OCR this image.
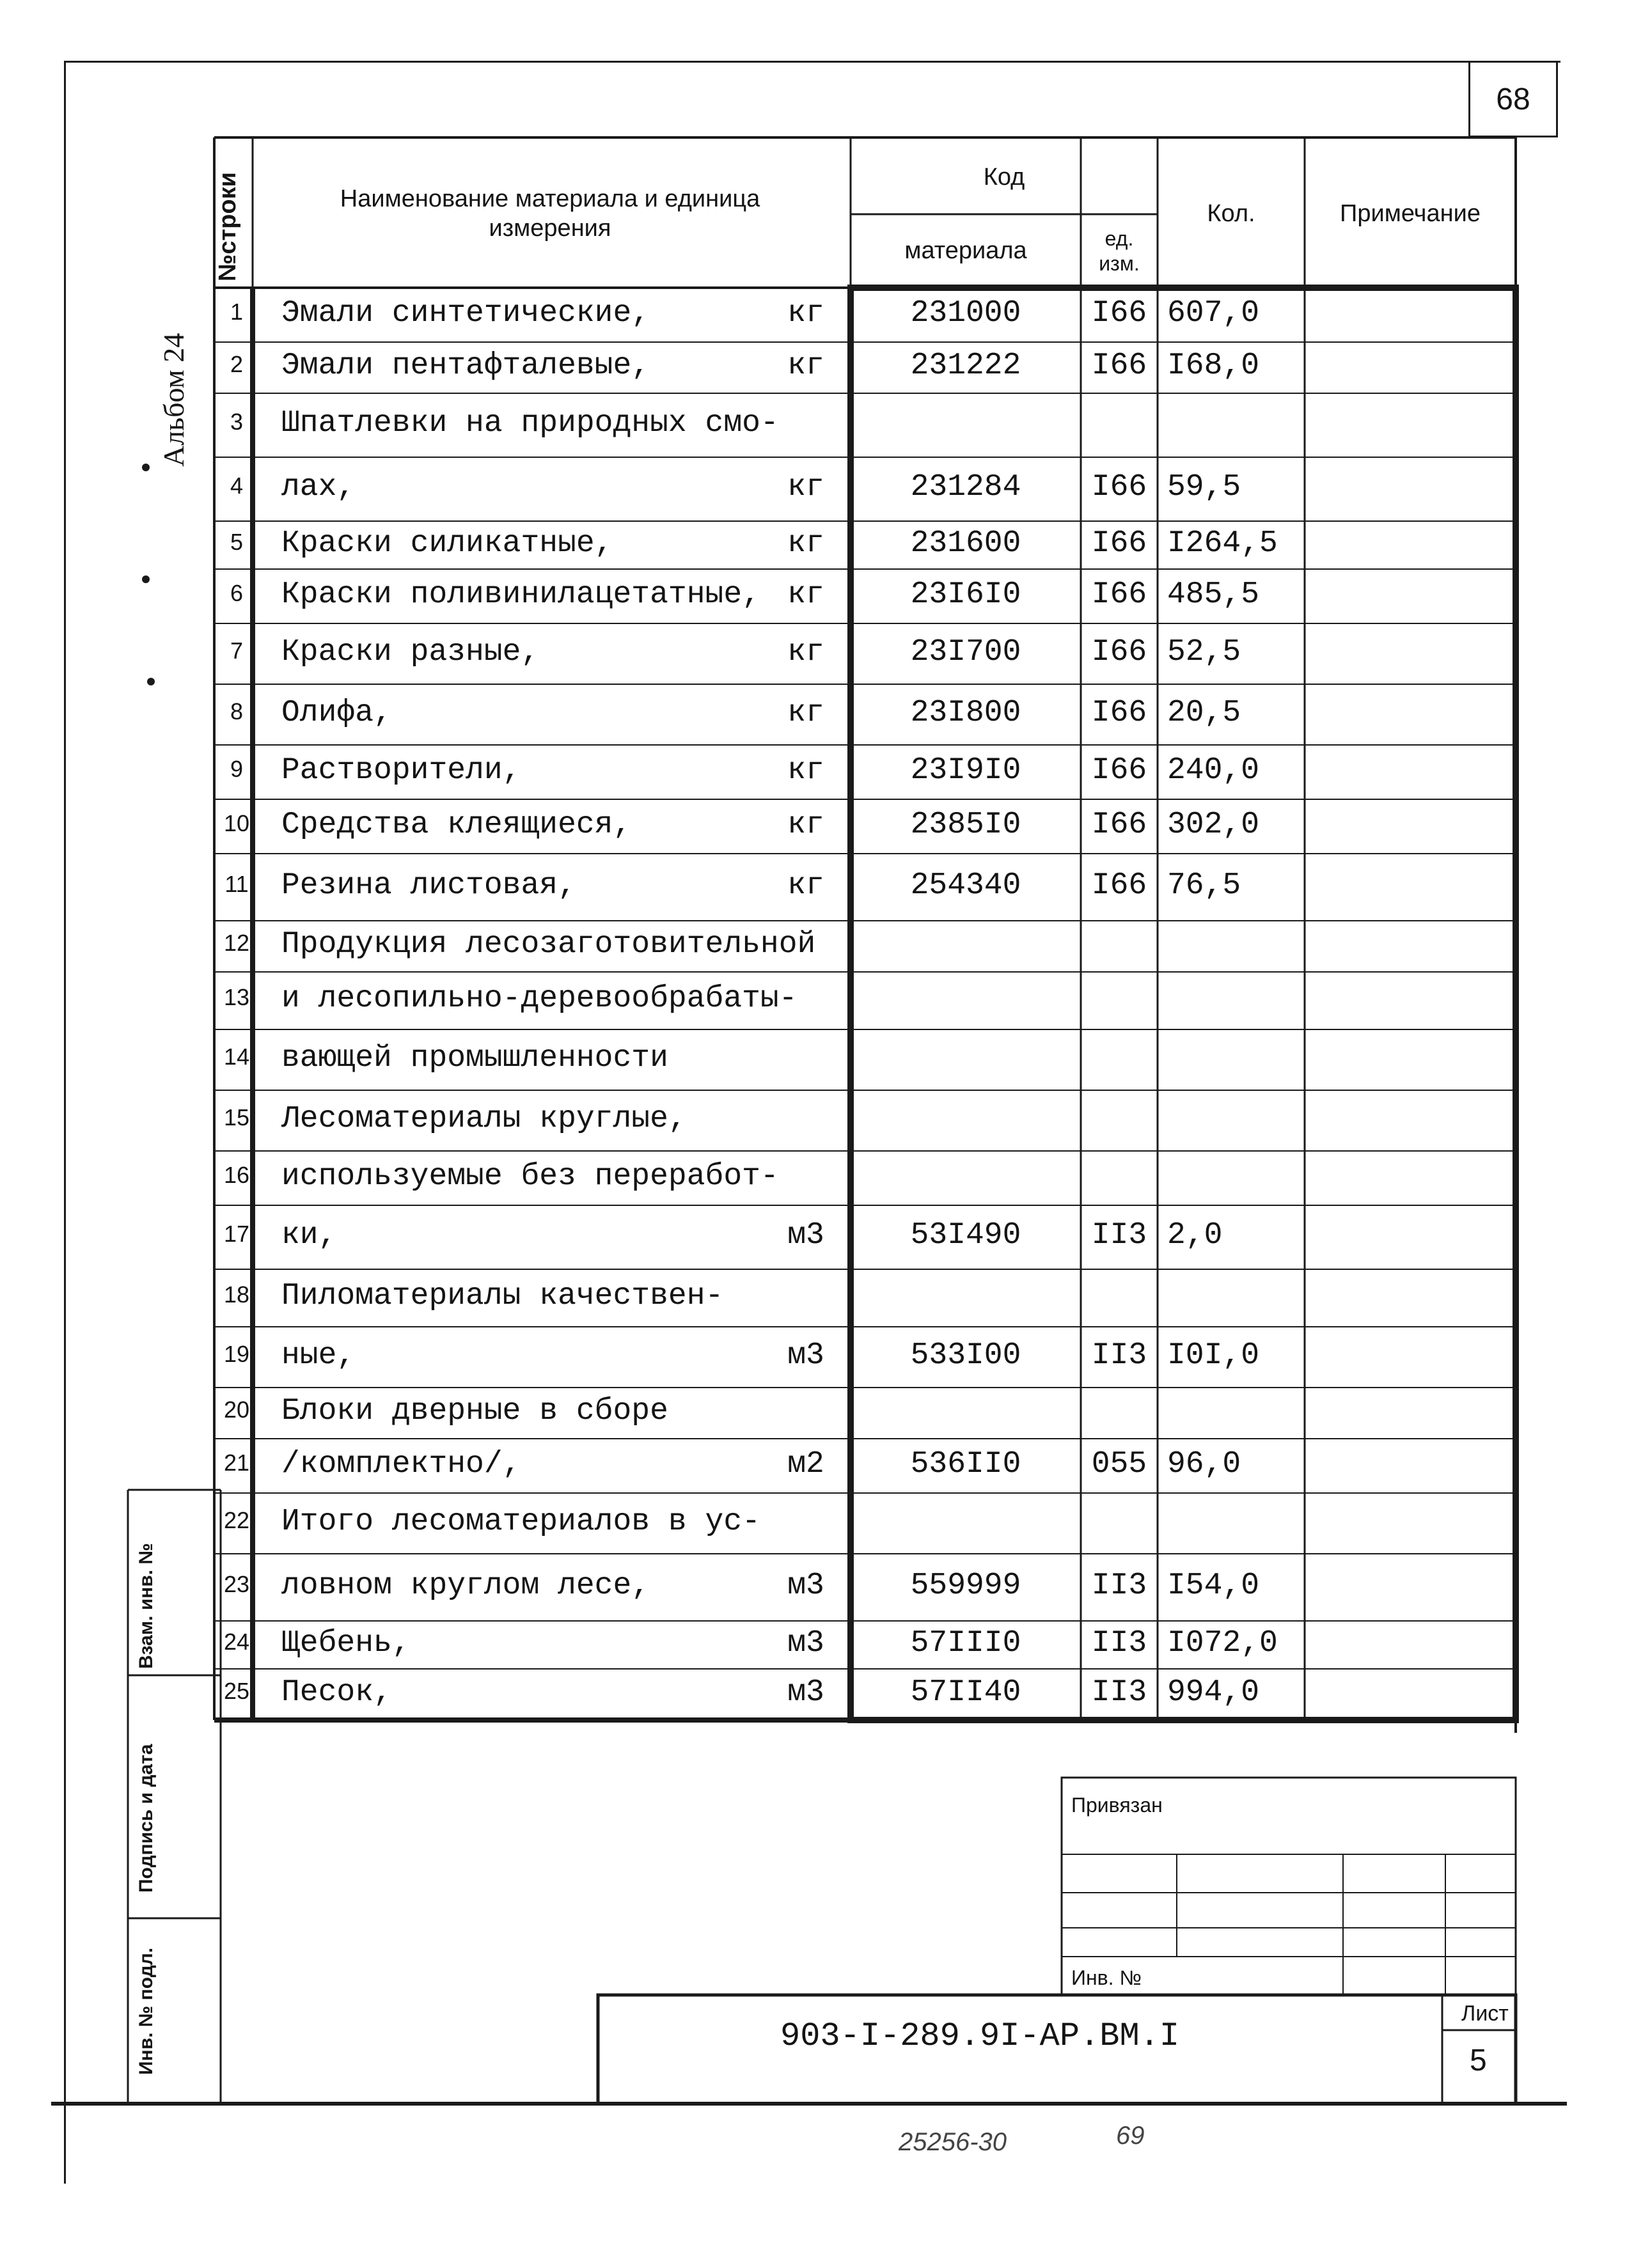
68
Альбом 24
№строки	Наименование материала и единица измерения
Код
материала	ед. изм.
Кол.	Примечание
1	Эмали синтетические,	кг	231000	I66 607,0
2	Эмали пентафталевые,	кг	231222	I66 I68,0
3	Шпатлевки на природных смо-
4	лах,	кг	231284	I66 59,5
5	Краски силикатные,	кг	231600	I66 I264,5
6	Краски поливинилацетатные, кг	23I6I0	I66 485,5
7	Краски разные,	кг	23I700	I66 52,5
8	Олифа,	кг	23I800	I66 20,5
9	Растворители,	кг	23I9I0	I66 240,0
10 Средства клеящиеся,	кг	2385I0	I66 302,0
11 Резина листовая,	кг	254340	I66 76,5
12 Продукция лесозаготовительной
13 и лесопильно-деревообрабаты-
14 вающей промышленности
15 Лесоматериалы круглые,
16 используемые без переработ-
17 ки,	м3	53I490	II3 2,0
18 Пиломатериалы качествен-
19 ные,	м3	533I00	II3 I0I,0
20 Блоки дверные в сборе
21 /комплектно/,	м2	536II0	055 96,0
22 Итого лесоматериалов в ус-
23 ловном круглом лесе,	м3	559999	II3 I54,0
24 Щебень,	м3	57III0	II3 I072,0
25 Песок,	м3	57II40	II3 994,0
Взам. инв. №
Подпись и дата
Инв. № подл.
Привязан
Инв. №
903-I-289.9I-АР.ВМ.I
Лист
5
25256-30	69
